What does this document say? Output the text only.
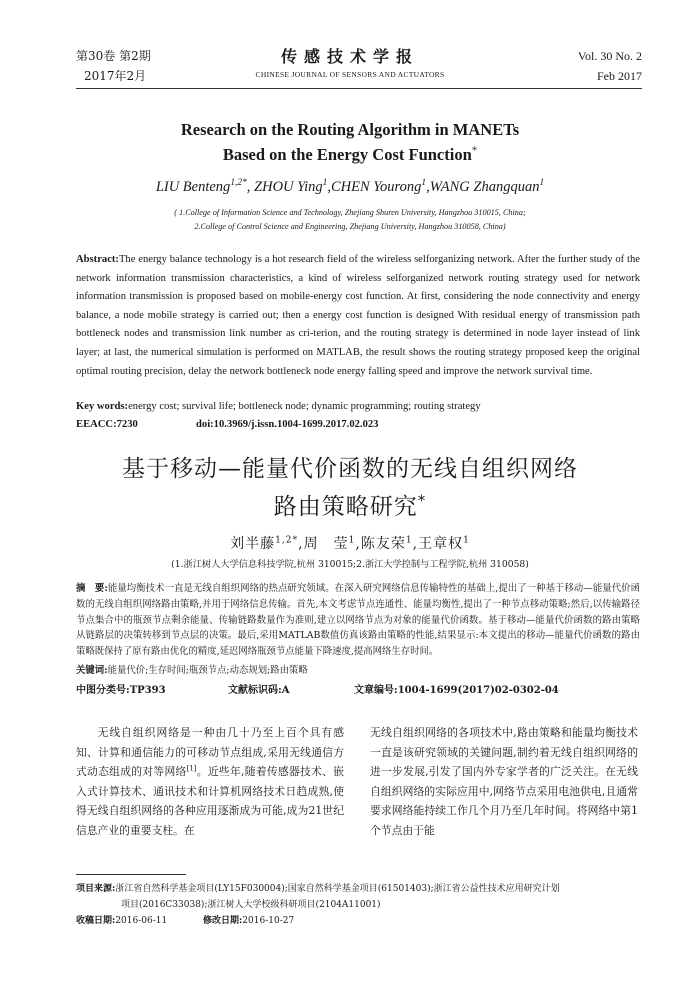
第30卷 第2期
2017年2月
传感技术学报
CHINESE JOURNAL OF SENSORS AND ACTUATORS
Vol. 30 No. 2
Feb 2017
Research on the Routing Algorithm in MANETs
Based on the Energy Cost Function*
LIU Benteng$^{1,2*}$, ZHOU Ying$^1$,CHEN Yourong$^1$,WANG Zhangquan$^1$
( 1.College of Information Science and Technology, Zhejiang Shuren University, Hangzhou 310015, China;
2.College of Control Science and Engineering, Zhejiang University, Hangzhou 310058, China)
Abstract:The energy balance technology is a hot research field of the wireless selforganizing network. After the further study of the network information transmission characteristics, a kind of wireless selforganized network routing strategy used for network information transmission is proposed based on mobile-energy cost function. At first, considering the node connectivity and energy balance, a node mobile strategy is carried out; then a energy cost function is designed With residual energy of transmission path bottleneck nodes and transmission link number as cri-terion, and the routing strategy is determined in node layer instead of link layer; at last, the numerical simulation is performed on MATLAB, the result shows the routing strategy proposed keep the original optimal routing precision, delay the network bottleneck node energy falling speed and improve the network survival time.
Key words:energy cost; survival life; bottleneck node; dynamic programming; routing strategy
EEACC:7230	doi:10.3969/j.issn.1004-1699.2017.02.023
基于移动—能量代价函数的无线自组织网络
路由策略研究*
刘半藤$^{1,2*}$,周　莹$^1$,陈友荣$^1$,王章权$^1$
(1.浙江树人大学信息科技学院,杭州 310015;2.浙江大学控制与工程学院,杭州 310058)
摘　要:能量均衡技术一直是无线自组织网络的热点研究领域。在深入研究网络信息传输特性的基础上,提出了一种基于移动—能量代价函数的无线自组织网络路由策略,并用于网络信息传输。首先,本文考虑节点连通性、能量均衡性,提出了一种节点移动策略;然后,以传输路径节点集合中的瓶颈节点剩余能量、传输链路数量作为准则,建立以网络节点为对象的能量代价函数。基于移动—能量代价函数的路由策略从链路层的决策转移到节点层的决策。最后,采用MATLAB数值仿真该路由策略的性能,结果显示:本文提出的移动—能量代价函数的路由策略既保持了原有路由优化的精度,延迟网络瓶颈节点能量下降速度,提高网络生存时间。
关键词:能量代价;生存时间;瓶颈节点;动态规划;路由策略
中图分类号:TP393	文献标识码:A	文章编号:1004-1699(2017)02-0302-04
无线自组织网络是一种由几十乃至上百个具有感知、计算和通信能力的可移动节点组成,采用无线通信方式动态组成的对等网络[1]。近些年,随着传感器技术、嵌入式计算技术、通讯技术和计算机网络技术日趋成熟,使得无线自组织网络的各种应用逐渐成为可能,成为21世纪信息产业的重要支柱。在
无线自组织网络的各项技术中,路由策略和能量均衡技术一直是该研究领域的关键问题,制约着无线自组织网络的进一步发展,引发了国内外专家学者的广泛关注。在无线自组织网络的实际应用中,网络节点采用电池供电,且通常要求网络能持续工作几个月乃至几年时间。将网络中第1个节点由于能
项目来源:浙江省自然科学基金项目(LY15F030004);国家自然科学基金项目(61501403);浙江省公益性技术应用研究计划
项目(2016C33038);浙江树人大学校级科研项目(2104A11001)
收稿日期:2016-06-11	修改日期:2016-10-27
